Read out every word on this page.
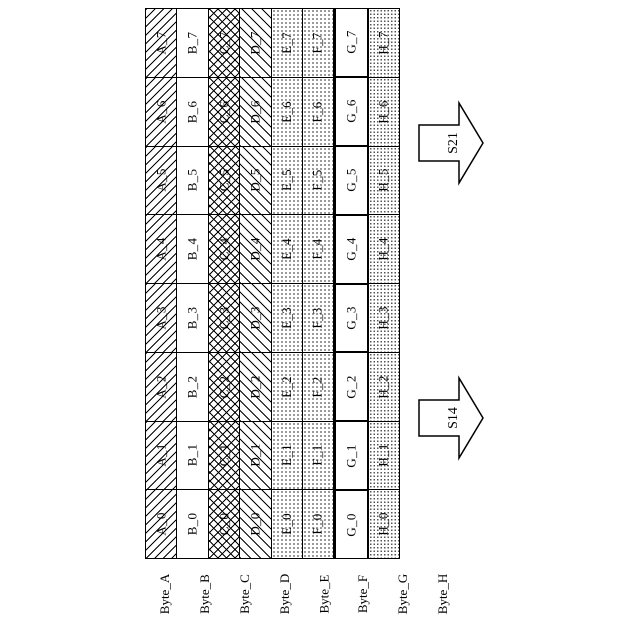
A_0
A_1
A_2
A_3
A_4
A_5
A_6
A_7
B_0
B_1
B_2
B_3
B_4
B_5
B_6
B_7
C_0
C_1
C_2
C_3
C_4
C_5
C_6
C_7
D_0
D_1
D_2
D_3
D_4
D_5
D_6
D_7
E_0
E_1
E_2
E_3
E_4
E_5
E_6
E_7
F_0
F_1
F_2
F_3
F_4
F_5
F_6
F_7
G_0
G_1
G_2
G_3
G_4
G_5
G_6
G_7
H_0
H_1
H_2
H_3
H_4
H_5
H_6
H_7
Byte_A Byte_B Byte_C Byte_D Byte_E Byte_F Byte_G Byte_H
S21
S14
